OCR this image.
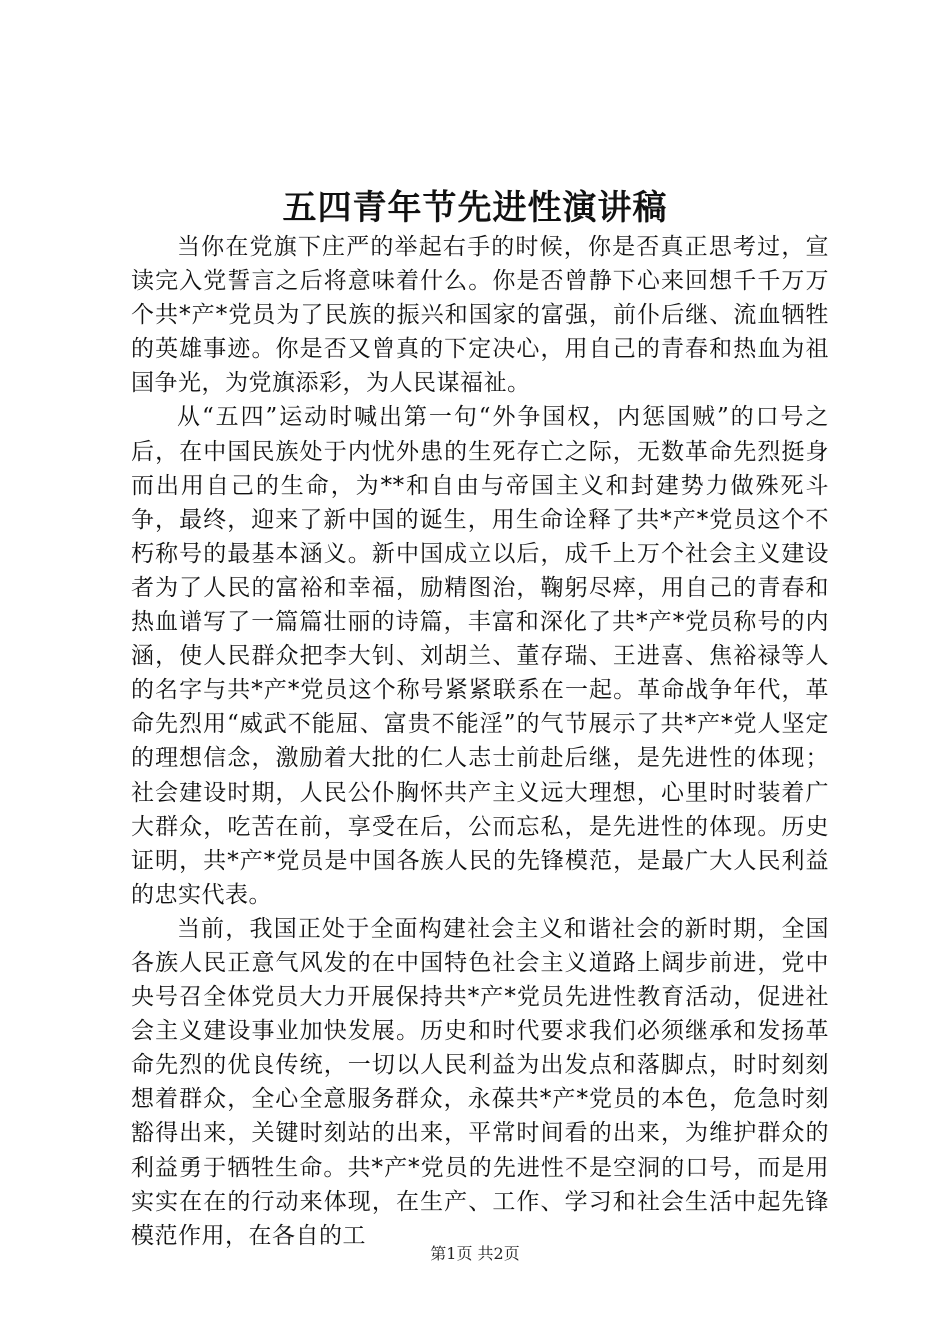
五四青年节先进性演讲稿

当你在党旗下庄严的举起右手的时候，你是否真正思考过，宣读完入党誓言之后将意味着什么。你是否曾静下心来回想千千万万个共*产*党员为了民族的振兴和国家的富强，前仆后继、流血牺牲的英雄事迹。你是否又曾真的下定决心，用自己的青春和热血为祖国争光，为党旗添彩，为人民谋福祉。

从“五四”运动时喊出第一句“外争国权，内惩国贼”的口号之后，在中国民族处于内忧外患的生死存亡之际，无数革命先烈挺身而出用自己的生命，为**和自由与帝国主义和封建势力做殊死斗争，最终，迎来了新中国的诞生，用生命诠释了共*产*党员这个不朽称号的最基本涵义。新中国成立以后，成千上万个社会主义建设者为了人民的富裕和幸福，励精图治，鞠躬尽瘁，用自己的青春和热血谱写了一篇篇壮丽的诗篇，丰富和深化了共*产*党员称号的内涵，使人民群众把李大钊、刘胡兰、董存瑞、王进喜、焦裕禄等人的名字与共*产*党员这个称号紧紧联系在一起。革命战争年代，革命先烈用“威武不能屈、富贵不能淫”的气节展示了共*产*党人坚定的理想信念，激励着大批的仁人志士前赴后继，是先进性的体现；社会建设时期，人民公仆胸怀共产主义远大理想，心里时时装着广大群众，吃苦在前，享受在后，公而忘私，是先进性的体现。历史证明，共*产*党员是中国各族人民的先锋模范，是最广大人民利益的忠实代表。

当前，我国正处于全面构建社会主义和谐社会的新时期，全国各族人民正意气风发的在中国特色社会主义道路上阔步前进，党中央号召全体党员大力开展保持共*产*党员先进性教育活动，促进社会主义建设事业加快发展。历史和时代要求我们必须继承和发扬革命先烈的优良传统，一切以人民利益为出发点和落脚点，时时刻刻想着群众，全心全意服务群众，永葆共*产*党员的本色，危急时刻豁得出来，关键时刻站的出来，平常时间看的出来，为维护群众的利益勇于牺牲生命。共*产*党员的先进性不是空洞的口号，而是用实实在在的行动来体现，在生产、工作、学习和社会生活中起先锋模范作用，在各自的工

第1页 共2页
